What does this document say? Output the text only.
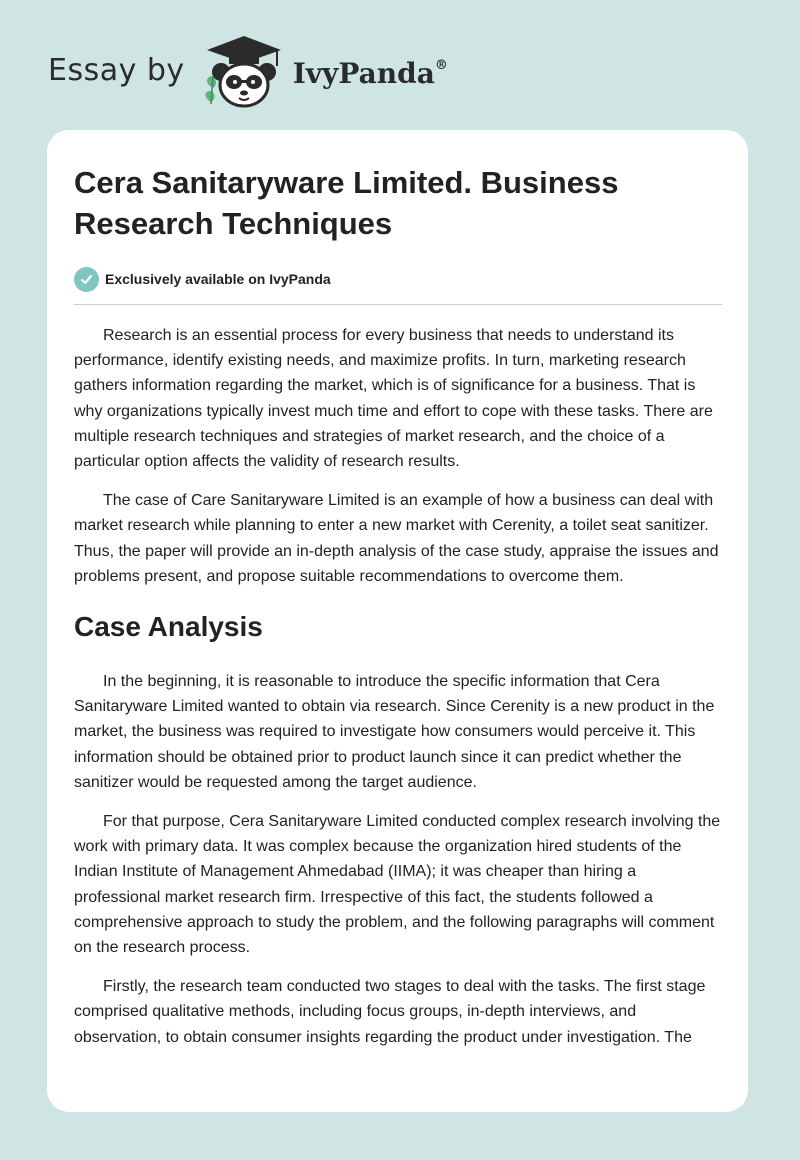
Essay by	IvyPanda®
Cera Sanitaryware Limited. Business Research Techniques
Exclusively available on IvyPanda

Research is an essential process for every business that needs to understand its performance, identify existing needs, and maximize profits. In turn, marketing research gathers information regarding the market, which is of significance for a business. That is why organizations typically invest much time and effort to cope with these tasks. There are multiple research techniques and strategies of market research, and the choice of a particular option affects the validity of research results.

The case of Care Sanitaryware Limited is an example of how a business can deal with market research while planning to enter a new market with Cerenity, a toilet seat sanitizer. Thus, the paper will provide an in-depth analysis of the case study, appraise the issues and problems present, and propose suitable recommendations to overcome them.

Case Analysis

In the beginning, it is reasonable to introduce the specific information that Cera Sanitaryware Limited wanted to obtain via research. Since Cerenity is a new product in the market, the business was required to investigate how consumers would perceive it. This information should be obtained prior to product launch since it can predict whether the sanitizer would be requested among the target audience.

For that purpose, Cera Sanitaryware Limited conducted complex research involving the work with primary data. It was complex because the organization hired students of the Indian Institute of Management Ahmedabad (IIMA); it was cheaper than hiring a professional market research firm. Irrespective of this fact, the students followed a comprehensive approach to study the problem, and the following paragraphs will comment on the research process.

Firstly, the research team conducted two stages to deal with the tasks. The first stage comprised qualitative methods, including focus groups, in-depth interviews, and observation, to obtain consumer insights regarding the product under investigation. The
